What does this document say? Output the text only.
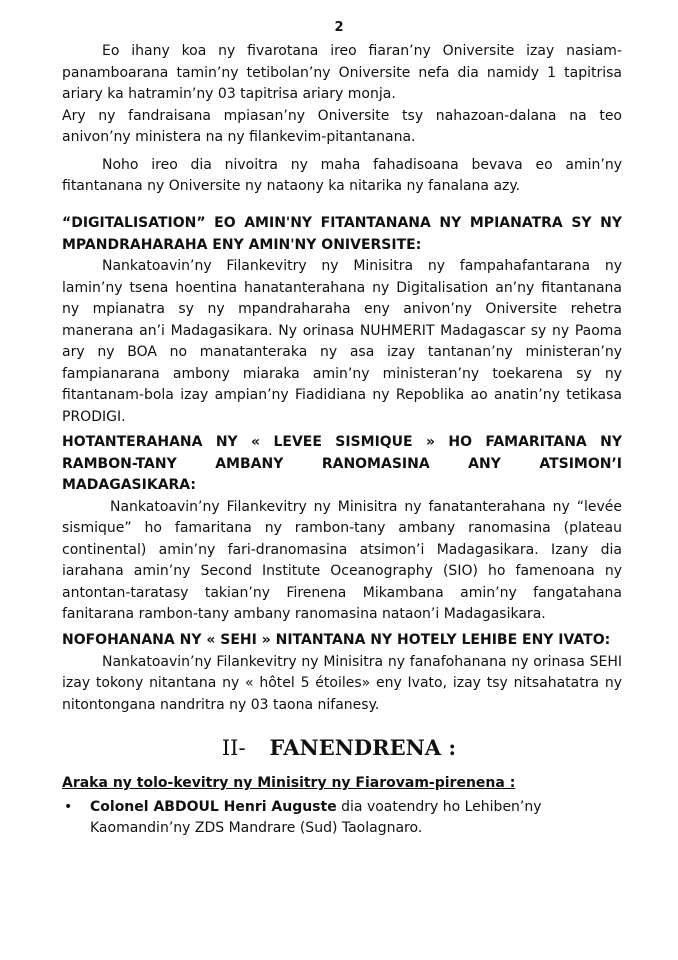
2

Eo ihany koa ny fivarotana ireo fiaran’ny Oniversite izay nasiam-panamboarana tamin’ny tetibolan’ny Oniversite nefa dia namidy 1 tapitrisa ariary ka hatramin’ny 03 tapitrisa ariary monja.

Ary ny fandraisana mpiasan’ny Oniversite tsy nahazoan-dalana na teo anivon’ny ministera na ny filankevim-pitantanana.

Noho ireo dia nivoitra ny maha fahadisoana bevava eo amin’ny fitantanana ny Oniversite ny nataony ka nitarika ny fanalana azy.

“DIGITALISATION” EO AMIN'NY FITANTANANA NY MPIANATRA SY NY MPANDRAHARAHA ENY AMIN'NY ONIVERSITE:

Nankatoavin’ny Filankevitry ny Minisitra ny fampahafantarana ny lamin’ny tsena hoentina hanatanterahana ny Digitalisation an’ny fitantanana ny mpianatra sy ny mpandraharaha eny anivon’ny Oniversite rehetra manerana an’i Madagasikara. Ny orinasa NUHMERIT Madagascar sy ny Paoma ary ny BOA no manatanteraka ny asa izay tantanan’ny ministeran’ny fampianarana ambony miaraka amin’ny ministeran’ny toekarena sy ny fitantanam-bola izay ampian’ny Fiadidiana ny Repoblika ao anatin’ny tetikasa PRODIGI.

HOTANTERAHANA NY « LEVEE SISMIQUE » HO FAMARITANA NY

RAMBON-TANY AMBANY RANOMASINA ANY ATSIMON’I

MADAGASIKARA:

Nankatoavin’ny Filankevitry ny Minisitra ny fanatanterahana ny “levée sismique” ho famaritana ny rambon-tany ambany ranomasina (plateau continental) amin’ny fari-dranomasina atsimon’i Madagasikara. Izany dia iarahana amin’ny Second Institute Oceanography (SIO) ho famenoana ny antontan-taratasy takian’ny Firenena Mikambana amin’ny fangatahana fanitarana rambon-tany ambany ranomasina nataon’i Madagasikara.

NOFOHANANA NY « SEHI » NITANTANA NY HOTELY LEHIBE ENY IVATO:

Nankatoavin’ny Filankevitry ny Minisitra ny fanafohanana ny orinasa SEHI izay tokony nitantana ny « hôtel 5 étoiles» eny Ivato, izay tsy nitsahatatra ny nitontongana nandritra ny 03 taona nifanesy.

II- FANENDRENA :

Araka ny tolo-kevitry ny Minisitry ny Fiarovam-pirenena :

•	Colonel ABDOUL Henri Auguste dia voatendry ho Lehiben’ny Kaomandin’ny ZDS Mandrare (Sud) Taolagnaro.
